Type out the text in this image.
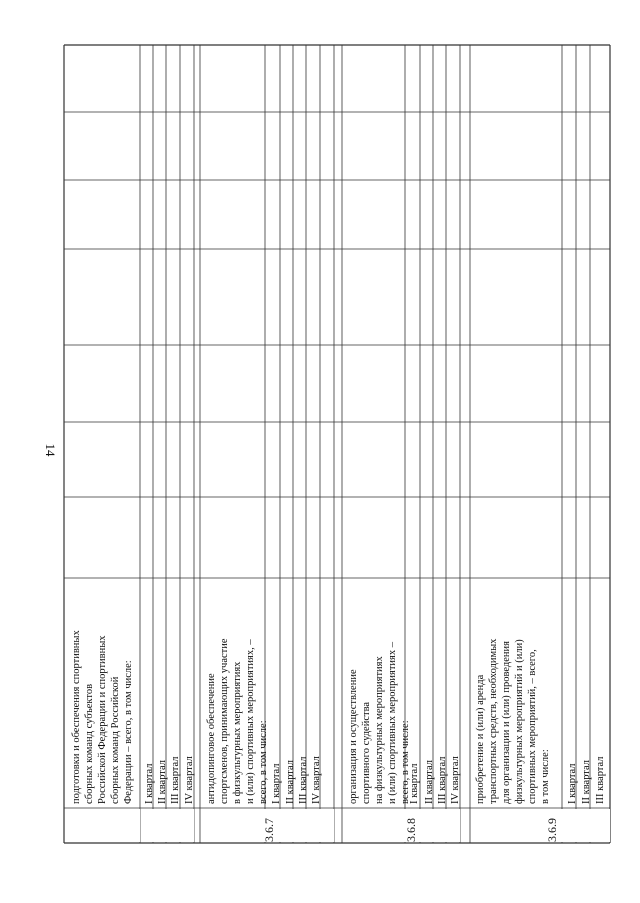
14
подготовки и обеспечения спортивных сборных команд субъектов Российской Федерации и спортивных сборных команд Российской Федерации – всего, в том числе: I квартал II квартал III квартал IV квартал антидопинговое обеспечение спортсменов, принимающих участие в физкультурных мероприятиях и (или) спортивных мероприятиях, – всего, в том числе: I квартал II квартал III квартал IV квартал организация и осуществление спортивного судейства на физкультурных мероприятиях и (или) спортивных мероприятиях – всего, в том числе:
I квартал II квартал III квартал IV квартал приобретение и (или) аренда транспортных средств, необходимых для организации и (или) проведения физкультурных мероприятий и (или) спортивных мероприятий, – всего, в том числе: I квартал II квартал III квартал
3.6.7	3.6.8	3.6.9
